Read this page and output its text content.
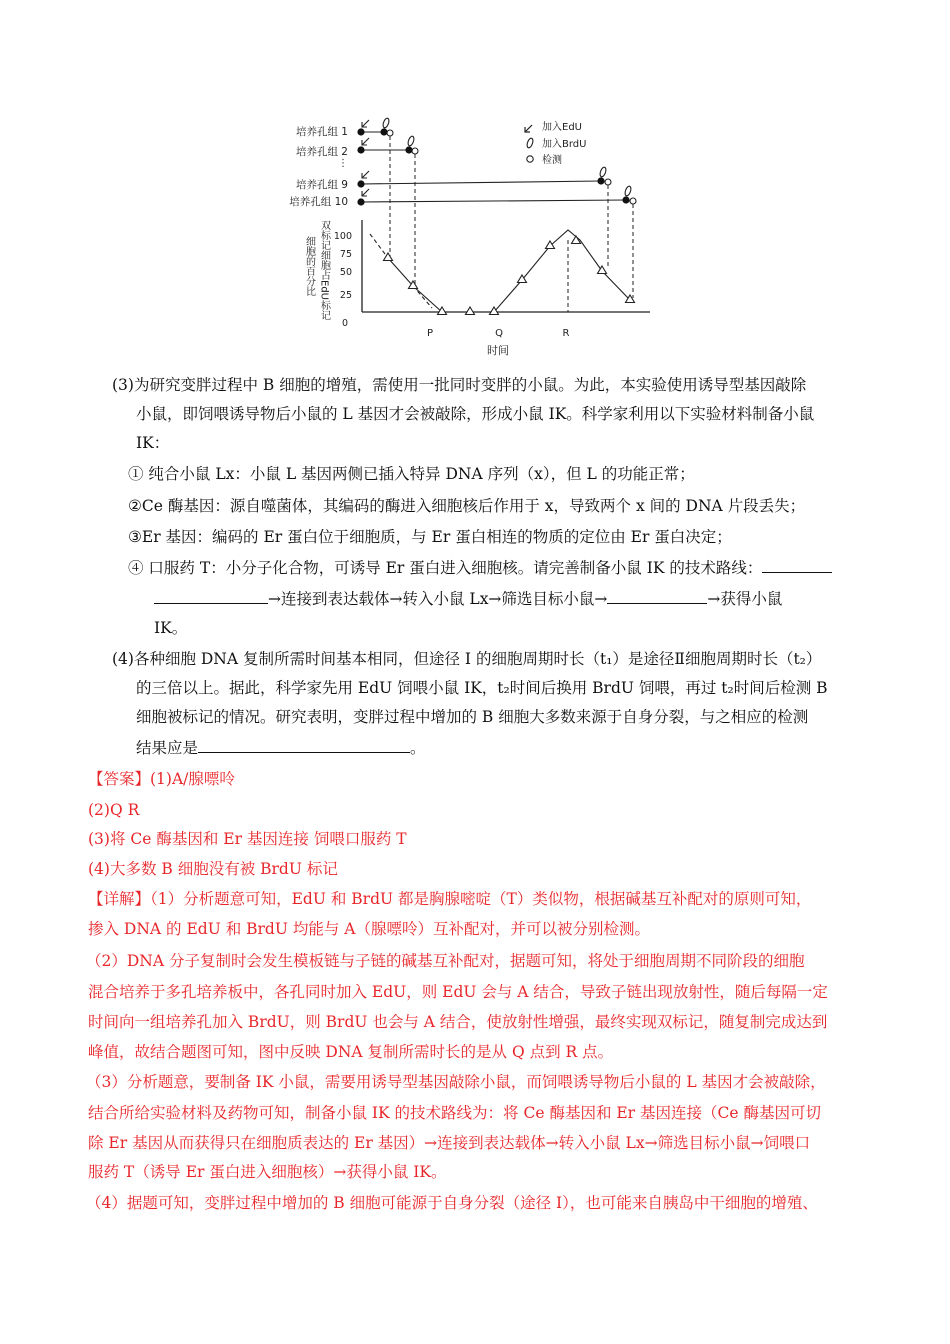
加入EdU
加入BrdU
检测
培养孔组 1
培养孔组 2
⋮
培养孔组 9
培养孔组 10
100
75
50
25
0
双标记细胞占EdU标记
细胞的百分比
P	Q	R
时间
(3)为研究变胖过程中 B 细胞的增殖，需使用一批同时变胖的小鼠。为此，本实验使用诱导型基因敲除
小鼠，即饲喂诱导物后小鼠的 L 基因才会被敲除，形成小鼠 IK。科学家利用以下实验材料制备小鼠
IK：
① 纯合小鼠 Lx：小鼠 L 基因两侧已插入特异 DNA 序列（x），但 L 的功能正常；
②Ce 酶基因：源自噬菌体，其编码的酶进入细胞核后作用于 x，导致两个 x 间的 DNA 片段丢失；
③Er 基因：编码的 Er 蛋白位于细胞质，与 Er 蛋白相连的物质的定位由 Er 蛋白决定；
④ 口服药 T：小分子化合物，可诱导 Er 蛋白进入细胞核。请完善制备小鼠 IK 的技术路线：
→连接到表达载体→转入小鼠 Lx→筛选目标小鼠→	→获得小鼠
IK。
(4)各种细胞 DNA 复制所需时间基本相同，但途径 I 的细胞周期时长（t₁）是途径Ⅱ细胞周期时长（t₂）
的三倍以上。据此，科学家先用 EdU 饲喂小鼠 IK，t₂时间后换用 BrdU 饲喂，再过 t₂时间后检测 B
细胞被标记的情况。研究表明，变胖过程中增加的 B 细胞大多数来源于自身分裂，与之相应的检测
结果应是	。
【答案】(1)A/腺嘌呤
(2)Q R
(3)将 Ce 酶基因和 Er 基因连接 饲喂口服药 T
(4)大多数 B 细胞没有被 BrdU 标记
【详解】（1）分析题意可知，EdU 和 BrdU 都是胸腺嘧啶（T）类似物，根据碱基互补配对的原则可知，
掺入 DNA 的 EdU 和 BrdU 均能与 A（腺嘌呤）互补配对，并可以被分别检测。
（2）DNA 分子复制时会发生模板链与子链的碱基互补配对，据题可知，将处于细胞周期不同阶段的细胞
混合培养于多孔培养板中，各孔同时加入 EdU，则 EdU 会与 A 结合，导致子链出现放射性，随后每隔一定
时间向一组培养孔加入 BrdU，则 BrdU 也会与 A 结合，使放射性增强，最终实现双标记，随复制完成达到
峰值，故结合题图可知，图中反映 DNA 复制所需时长的是从 Q 点到 R 点。
（3）分析题意，要制备 IK 小鼠，需要用诱导型基因敲除小鼠，而饲喂诱导物后小鼠的 L 基因才会被敲除，
结合所给实验材料及药物可知，制备小鼠 IK 的技术路线为：将 Ce 酶基因和 Er 基因连接（Ce 酶基因可切
除 Er 基因从而获得只在细胞质表达的 Er 基因）→连接到表达载体→转入小鼠 Lx→筛选目标小鼠→饲喂口
服药 T（诱导 Er 蛋白进入细胞核）→获得小鼠 IK。
（4）据题可知，变胖过程中增加的 B 细胞可能源于自身分裂（途径 I），也可能来自胰岛中干细胞的增殖、
